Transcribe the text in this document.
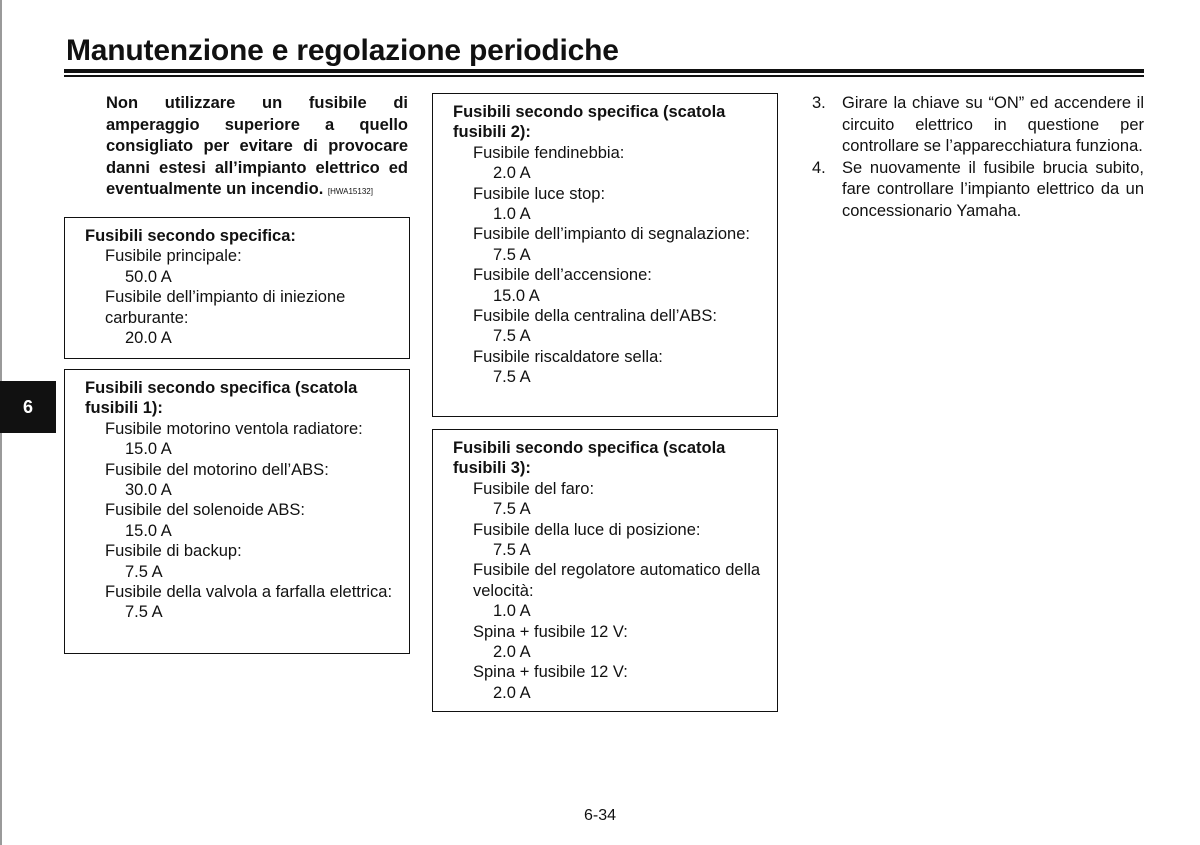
Manutenzione e regolazione periodiche
6

Non utilizzare un fusibile di amperaggio superiore a quello consigliato per evitare di provocare danni estesi all’impianto elettrico ed eventualmente un incendio. [HWA15132]

Fusibili secondo specifica:

Fusibile principale:

50.0 A

Fusibile dell’impianto di iniezione carburante:

20.0 A

Fusibili secondo specifica (scatola fusibili 1):

Fusibile motorino ventola radiatore:

15.0 A

Fusibile del motorino dell’ABS:

30.0 A

Fusibile del solenoide ABS:

15.0 A

Fusibile di backup:

7.5 A

Fusibile della valvola a farfalla elettrica:

7.5 A

Fusibili secondo specifica (scatola fusibili 2):

Fusibile fendinebbia:

2.0 A

Fusibile luce stop:

1.0 A

Fusibile dell’impianto di segnalazione:

7.5 A

Fusibile dell’accensione:

15.0 A

Fusibile della centralina dell’ABS:

7.5 A

Fusibile riscaldatore sella:

7.5 A

Fusibili secondo specifica (scatola fusibili 3):

Fusibile del faro:

7.5 A

Fusibile della luce di posizione:

7.5 A

Fusibile del regolatore automatico della velocità:

1.0 A

Spina + fusibile 12 V:

2.0 A

Spina + fusibile 12 V:

2.0 A

3. Girare la chiave su “ON” ed accendere il circuito elettrico in questione per controllare se l’apparecchiatura funziona.
4. Se nuovamente il fusibile brucia subito, fare controllare l’impianto elettrico da un concessionario Yamaha.
6-34
